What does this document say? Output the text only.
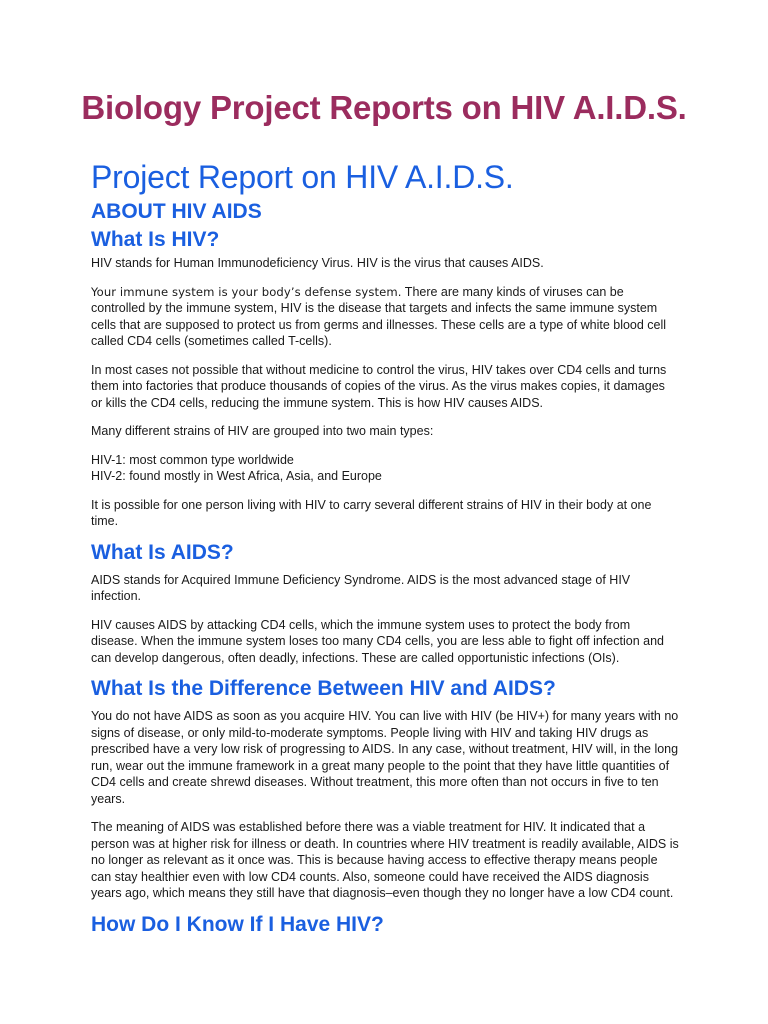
Biology Project Reports on HIV A.I.D.S.
Project Report on HIV A.I.D.S.
ABOUT HIV AIDS
What Is HIV?

HIV stands for Human Immunodeficiency Virus. HIV is the virus that causes AIDS.

Your immune system is your body’s defense system. There are many kinds of viruses can be controlled by the immune system, HIV is the disease that targets and infects the same immune system cells that are supposed to protect us from germs and illnesses. These cells are a type of white blood cell called CD4 cells (sometimes called T-cells).

In most cases not possible that without medicine to control the virus, HIV takes over CD4 cells and turns them into factories that produce thousands of copies of the virus. As the virus makes copies, it damages or kills the CD4 cells, reducing the immune system. This is how HIV causes AIDS.

Many different strains of HIV are grouped into two main types:

HIV-1: most common type worldwide

HIV-2: found mostly in West Africa, Asia, and Europe

It is possible for one person living with HIV to carry several different strains of HIV in their body at one time.

What Is AIDS?

AIDS stands for Acquired Immune Deficiency Syndrome. AIDS is the most advanced stage of HIV infection.

HIV causes AIDS by attacking CD4 cells, which the immune system uses to protect the body from disease. When the immune system loses too many CD4 cells, you are less able to fight off infection and can develop dangerous, often deadly, infections. These are called opportunistic infections (OIs).

What Is the Difference Between HIV and AIDS?

You do not have AIDS as soon as you acquire HIV. You can live with HIV (be HIV+) for many years with no signs of disease, or only mild-to-moderate symptoms. People living with HIV and taking HIV drugs as prescribed have a very low risk of progressing to AIDS. In any case, without treatment, HIV will, in the long run, wear out the immune framework in a great many people to the point that they have little quantities of CD4 cells and create shrewd diseases. Without treatment, this more often than not occurs in five to ten years.

The meaning of AIDS was established before there was a viable treatment for HIV. It indicated that a person was at higher risk for illness or death. In countries where HIV treatment is readily available, AIDS is no longer as relevant as it once was. This is because having access to effective therapy means people can stay healthier even with low CD4 counts. Also, someone could have received the AIDS diagnosis years ago, which means they still have that diagnosis–even though they no longer have a low CD4 count.

How Do I Know If I Have HIV?
